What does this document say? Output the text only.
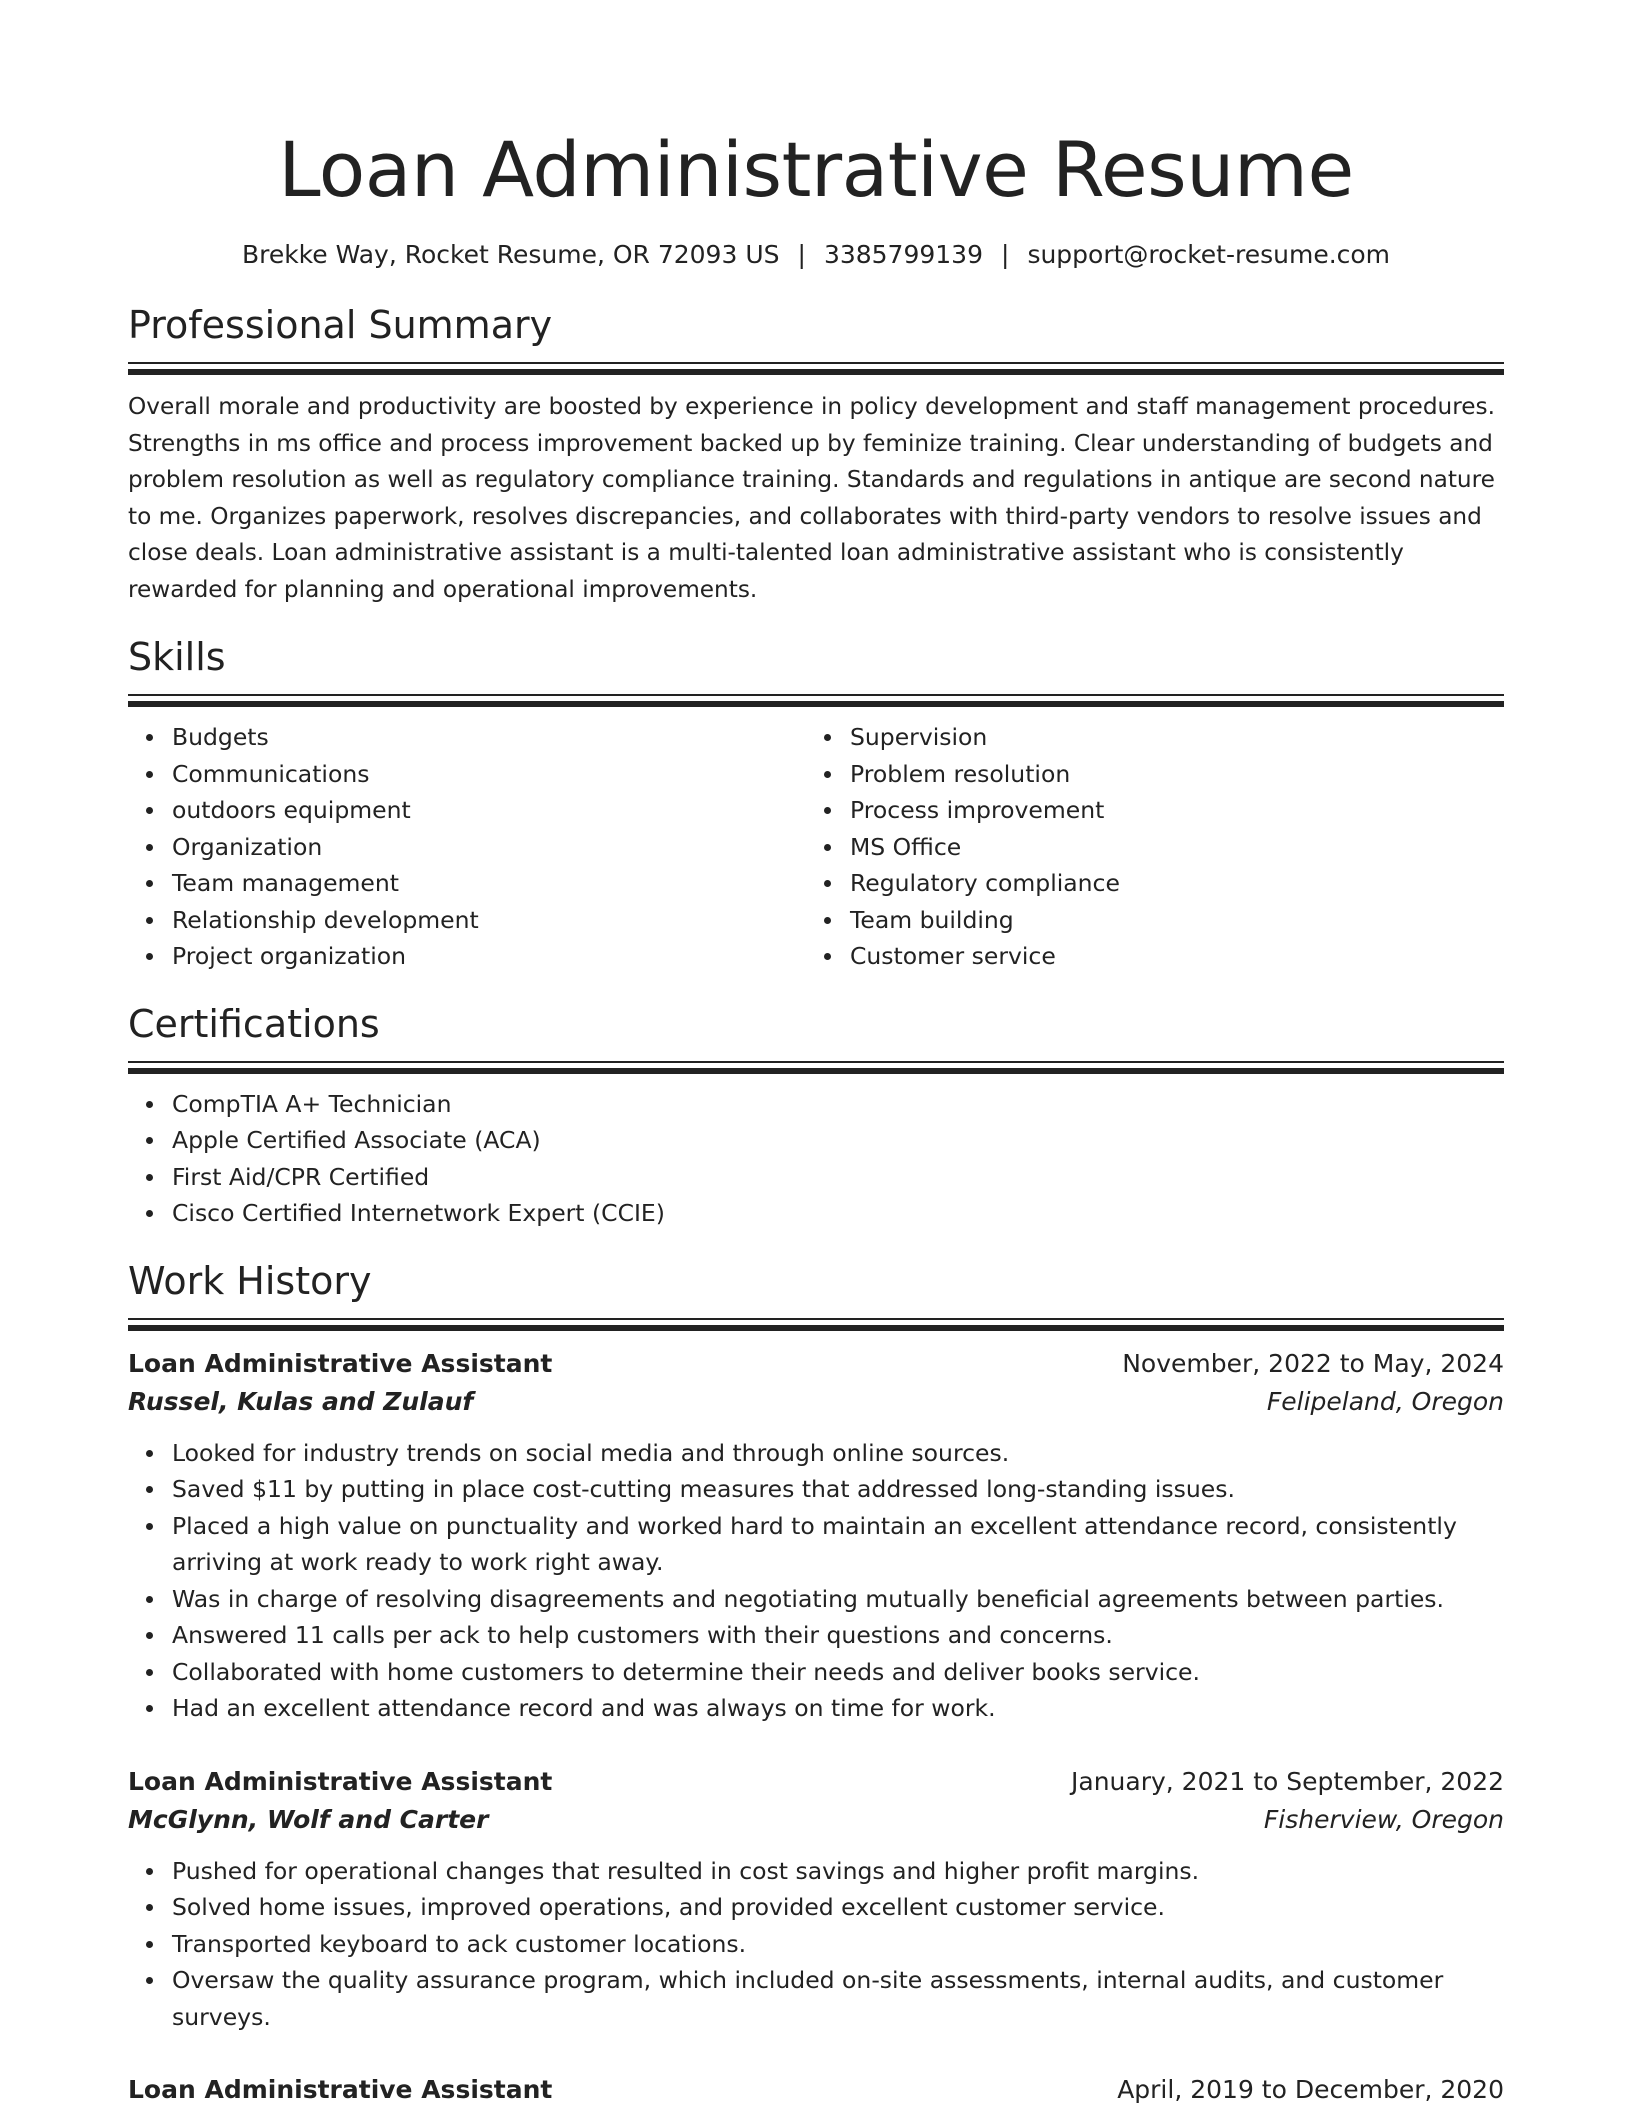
Loan Administrative Resume
Brekke Way, Rocket Resume, OR 72093 US | 3385799139 | support@rocket-resume.com
Professional Summary
Overall morale and productivity are boosted by experience in policy development and staff management procedures. Strengths in ms office and process improvement backed up by feminize training. Clear understanding of budgets and problem resolution as well as regulatory compliance training. Standards and regulations in antique are second nature to me. Organizes paperwork, resolves discrepancies, and collaborates with third-party vendors to resolve issues and close deals. Loan administrative assistant is a multi-talented loan administrative assistant who is consistently rewarded for planning and operational improvements.
Skills
Budgets
Communications
outdoors equipment
Organization
Team management
Relationship development
Project organization
Supervision
Problem resolution
Process improvement
MS Office
Regulatory compliance
Team building
Customer service
Certifications
CompTIA A+ Technician
Apple Certified Associate (ACA)
First Aid/CPR Certified
Cisco Certified Internetwork Expert (CCIE)
Work History
Loan Administrative Assistant	November, 2022 to May, 2024
Russel, Kulas and Zulauf	Felipeland, Oregon
Looked for industry trends on social media and through online sources.
Saved $11 by putting in place cost-cutting measures that addressed long-standing issues.
Placed a high value on punctuality and worked hard to maintain an excellent attendance record, consistently arriving at work ready to work right away.
Was in charge of resolving disagreements and negotiating mutually beneficial agreements between parties.
Answered 11 calls per ack to help customers with their questions and concerns.
Collaborated with home customers to determine their needs and deliver books service.
Had an excellent attendance record and was always on time for work.
Loan Administrative Assistant	January, 2021 to September, 2022
McGlynn, Wolf and Carter	Fisherview, Oregon
Pushed for operational changes that resulted in cost savings and higher profit margins.
Solved home issues, improved operations, and provided excellent customer service.
Transported keyboard to ack customer locations.
Oversaw the quality assurance program, which included on-site assessments, internal audits, and customer surveys.
Loan Administrative Assistant	April, 2019 to December, 2020
